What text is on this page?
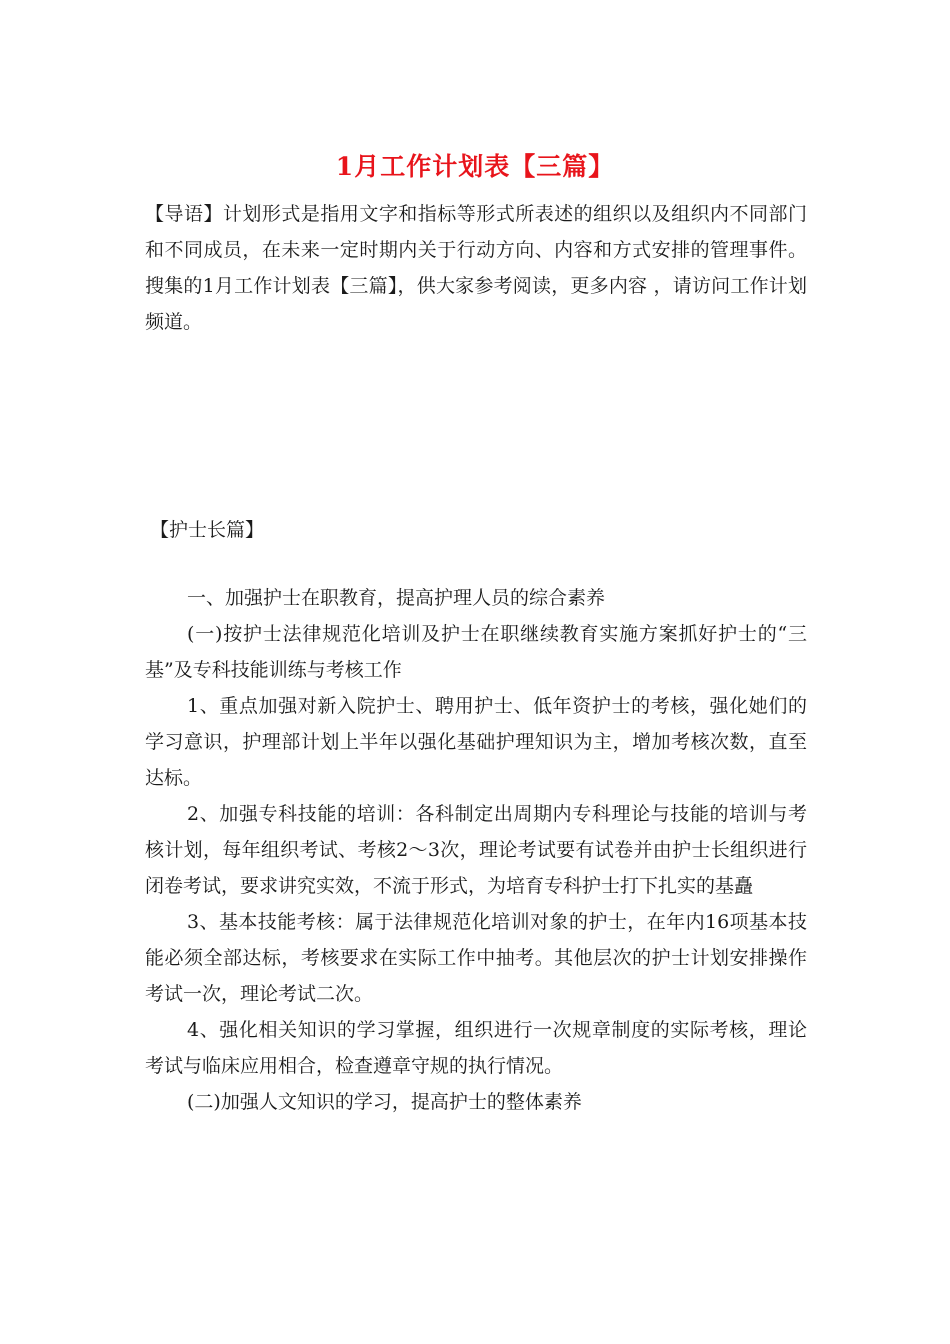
1月工作计划表【三篇】

【导语】计划形式是指用文字和指标等形式所表述的组织以及组织内不同部门和不同成员，在未来一定时期内关于行动方向、内容和方式安排的管理事件。搜集的1月工作计划表【三篇】，供大家参考阅读，更多内容 ，请访问工作计划频道。

【护士长篇】

一、加强护士在职教育，提高护理人员的综合素养

(一)按护士法律规范化培训及护士在职继续教育实施方案抓好护士的“三基”及专科技能训练与考核工作

1、重点加强对新入院护士、聘用护士、低年资护士的考核，强化她们的学习意识，护理部计划上半年以强化基础护理知识为主，增加考核次数，直至达标。

2、加强专科技能的培训：各科制定出周期内专科理论与技能的培训与考核计划，每年组织考试、考核2～3次，理论考试要有试卷并由护士长组织进行闭卷考试，要求讲究实效，不流于形式，为培育专科护士打下扎实的基矗

3、基本技能考核：属于法律规范化培训对象的护士，在年内16项基本技能必须全部达标，考核要求在实际工作中抽考。其他层次的护士计划安排操作考试一次，理论考试二次。

4、强化相关知识的学习掌握，组织进行一次规章制度的实际考核，理论考试与临床应用相合，检查遵章守规的执行情况。

(二)加强人文知识的学习，提高护士的整体素养
